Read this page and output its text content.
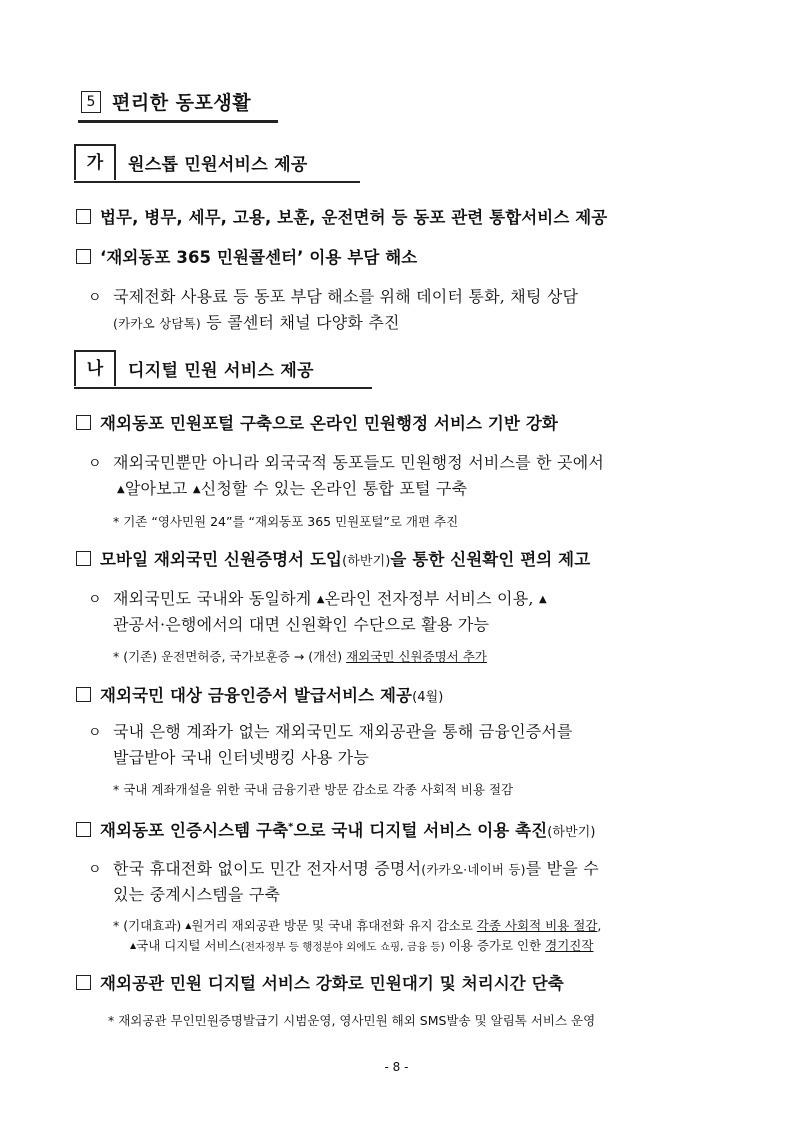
5 편리한 동포생활
가	원스톱 민원서비스 제공
법무, 병무, 세무, 고용, 보훈, 운전면허 등 동포 관련 통합서비스 제공
‘재외동포 365 민원콜센터’ 이용 부담 해소
ㅇ 국제전화 사용료 등 동포 부담 해소를 위해 데이터 통화, 채팅 상담
(카카오 상담톡) 등 콜센터 채널 다양화 추진
나	디지털 민원 서비스 제공
재외동포 민원포털 구축으로 온라인 민원행정 서비스 기반 강화
ㅇ 재외국민뿐만 아니라 외국국적 동포들도 민원행정 서비스를 한 곳에서
▲알아보고 ▲신청할 수 있는 온라인 통합 포털 구축
* 기존 “영사민원 24”를 “재외동포 365 민원포털”로 개편 추진
모바일 재외국민 신원증명서 도입(하반기)을 통한 신원확인 편의 제고
ㅇ 재외국민도 국내와 동일하게 ▲온라인 전자정부 서비스 이용, ▲
관공서·은행에서의 대면 신원확인 수단으로 활용 가능
* (기존) 운전면허증, 국가보훈증 → (개선) 재외국민 신원증명서 추가
재외국민 대상 금융인증서 발급서비스 제공(4월)
ㅇ 국내 은행 계좌가 없는 재외국민도 재외공관을 통해 금융인증서를
발급받아 국내 인터넷뱅킹 사용 가능
* 국내 계좌개설을 위한 국내 금융기관 방문 감소로 각종 사회적 비용 절감
재외동포 인증시스템 구축*으로 국내 디지털 서비스 이용 촉진(하반기)
ㅇ 한국 휴대전화 없이도 민간 전자서명 증명서(카카오·네이버 등)를 받을 수
있는 중계시스템을 구축
* (기대효과) ▲원거리 재외공관 방문 및 국내 휴대전화 유지 감소로 각종 사회적 비용 절감,
▲국내 디지털 서비스(전자정부 등 행정분야 외에도 쇼핑, 금융 등) 이용 증가로 인한 경기진작
재외공관 민원 디지털 서비스 강화로 민원대기 및 처리시간 단축
* 재외공관 무인민원증명발급기 시범운영, 영사민원 해외 SMS발송 및 알림톡 서비스 운영
- 8 -
